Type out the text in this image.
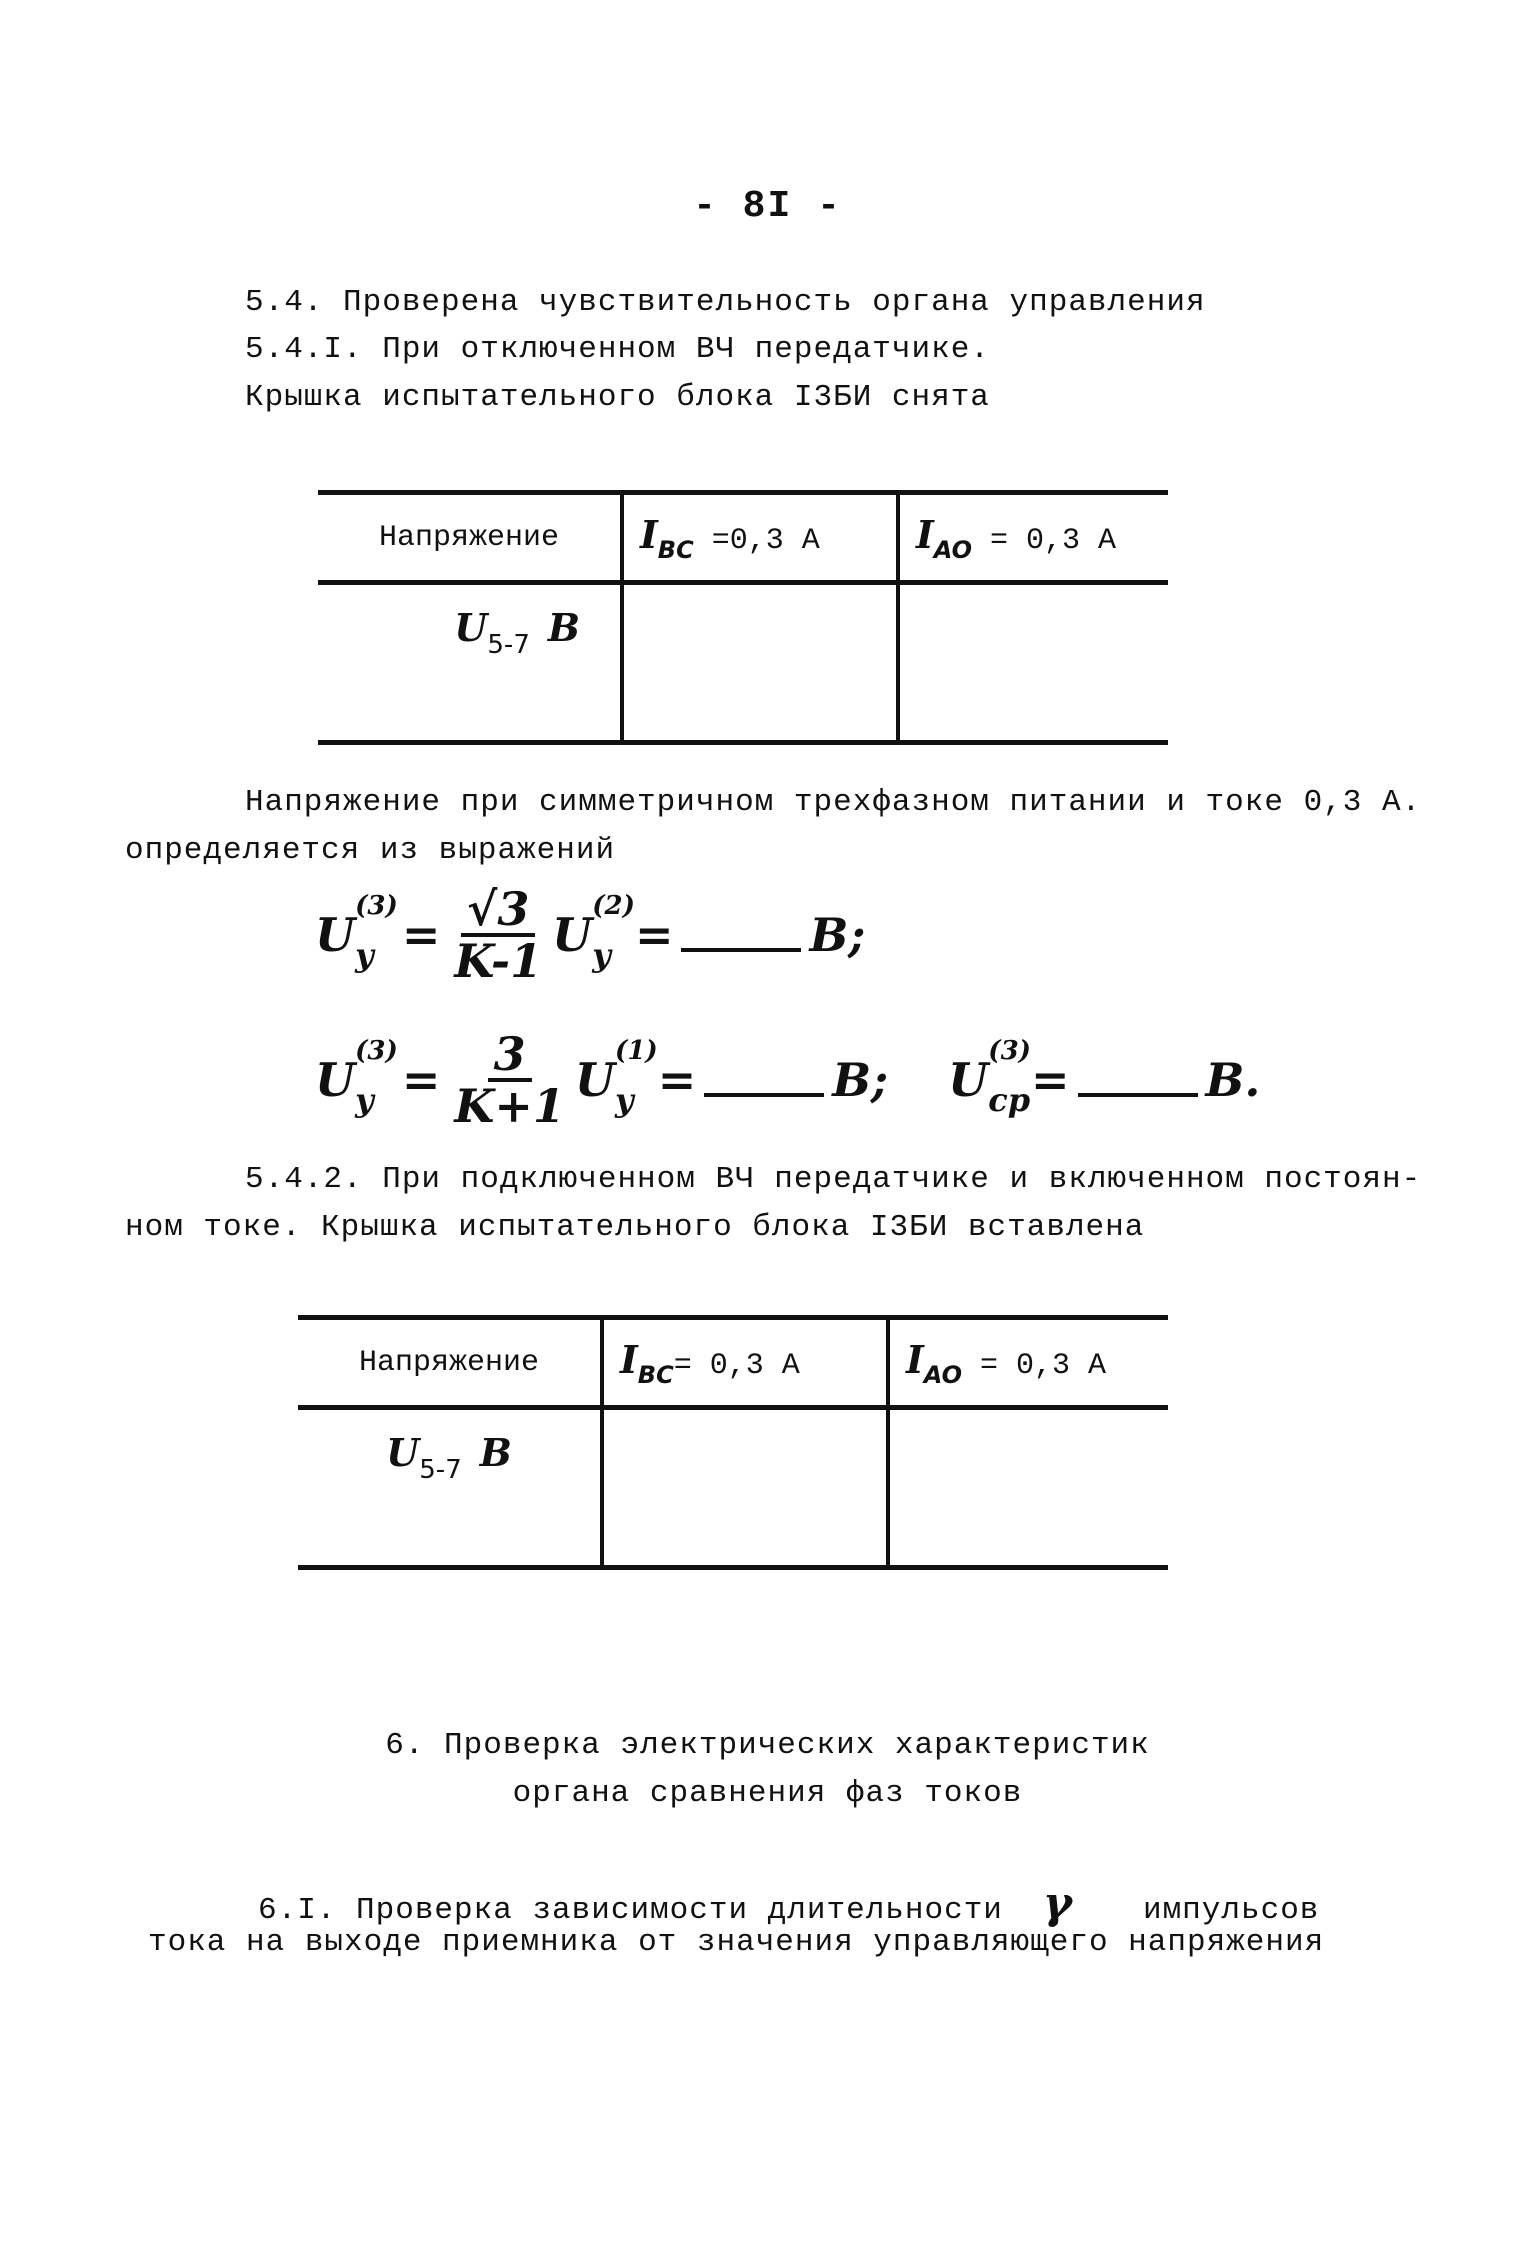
- 8I -
5.4. Проверена чувствительность органа управления
5.4.I. При отключенном ВЧ передатчике.
Крышка испытательного блока I3БИ снята
Напряжение	$I_{BC} =0,3$ A	$I_{AO} = 0,3$ A
U5-7 B		
Напряжение при симметричном трехфазном питании и токе 0,3 A.
определяется из выражений
U
(3)
$y = \frac{√3}{K-1}$ U
(2)
y =	B;
U
(3)
$y = \frac{3}{K+1}$ U
(1)
y =	B; U
(3)
cp =	B.
5.4.2. При подключенном ВЧ передатчике и включенном постоян-
ном токе. Крышка испытательного блока I3БИ вставлена
Напряжение	$I_{BC}= 0,3$ A	$I_{AO} = 0,3$ A
U5-7 B		
6. Проверка электрических характеристик
органа сравнения фаз токов
6.I. Проверка зависимости длительности γ импульсов
тока на выходе приемника от значения управляющего напряжения
